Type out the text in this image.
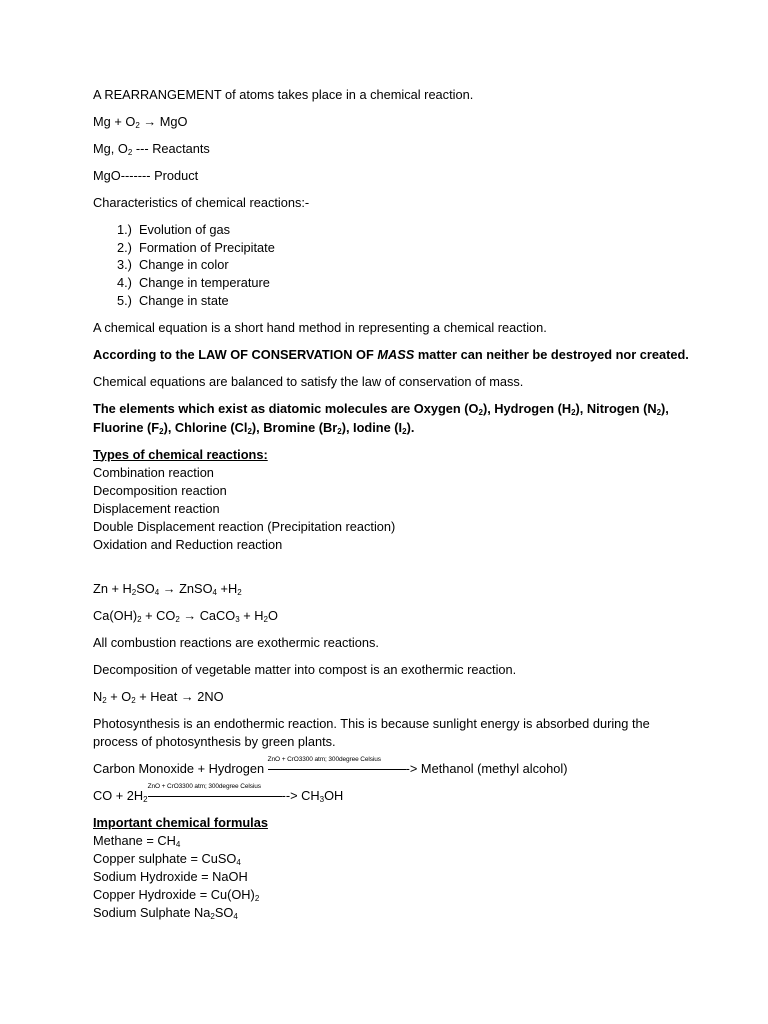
A REARRANGEMENT of atoms takes place in a chemical reaction.

$Mg + O_2$ → MgO

Mg, $O_2$ --- Reactants

MgO------- Product

Characteristics of chemical reactions:-

1.) Evolution of gas
2.) Formation of Precipitate
3.) Change in color
4.) Change in temperature
5.) Change in state

A chemical equation is a short hand method in representing a chemical reaction.

According to the LAW OF CONSERVATION OF MASS matter can neither be destroyed nor created.

Chemical equations are balanced to satisfy the law of conservation of mass.

The elements which exist as diatomic molecules are Oxygen $(O_2)$, Hydrogen $(H_2)$, Nitrogen $(N_2)$,

Fluorine $(F_2)$, Chlorine $(Cl_2)$, Bromine $(Br_2)$, Iodine $(I_2)$.

Types of chemical reactions:

Combination reaction

Decomposition reaction

Displacement reaction

Double Displacement reaction (Precipitation reaction)

Oxidation and Reduction reaction

$Zn + H_2SO_4$ → ZnSO$_4$ $+H_2$

$Ca(OH)_2 + CO_2$ → CaCO$_3$ + $H_2O$

All combustion reactions are exothermic reactions.

Decomposition of vegetable matter into compost is an exothermic reaction.

$N_2 + O_2$ + Heat → 2NO

Photosynthesis is an endothermic reaction. This is because sunlight energy is absorbed during the process of photosynthesis by green plants.

Carbon Monoxide + Hydrogen
ZnO + CrO3300 atm; 300degree Celsius
-> Methanol (methyl alcohol)

CO + $2H_2$
ZnO + CrO3300 atm; 300degree Celsius
--> $CH_3OH$

Important chemical formulas

Methane = $CH_4$

Copper sulphate = CuSO$_4$

Sodium Hydroxide = NaOH

Copper Hydroxide = $Cu(OH)_2$

Sodium Sulphate $Na_2SO_4$
